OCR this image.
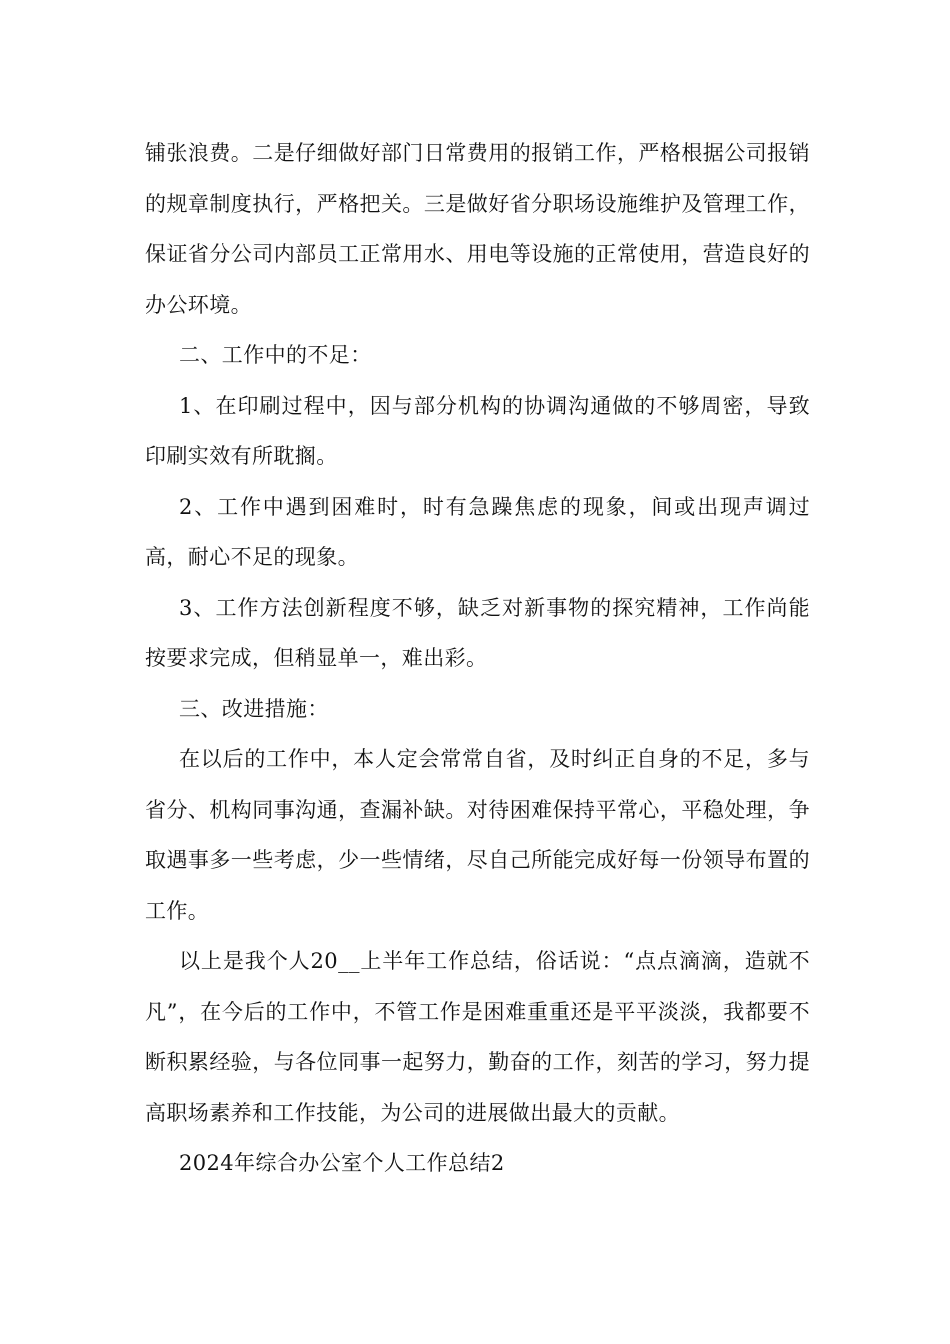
铺张浪费。二是仔细做好部门日常费用的报销工作，严格根据公司报销的规章制度执行，严格把关。三是做好省分职场设施维护及管理工作，保证省分公司内部员工正常用水、用电等设施的正常使用，营造良好的办公环境。

二、工作中的不足：

1、在印刷过程中，因与部分机构的协调沟通做的不够周密，导致印刷实效有所耽搁。

2、工作中遇到困难时，时有急躁焦虑的现象，间或出现声调过高，耐心不足的现象。

3、工作方法创新程度不够，缺乏对新事物的探究精神，工作尚能按要求完成，但稍显单一，难出彩。

三、改进措施：

在以后的工作中，本人定会常常自省，及时纠正自身的不足，多与省分、机构同事沟通，查漏补缺。对待困难保持平常心，平稳处理，争取遇事多一些考虑，少一些情绪，尽自己所能完成好每一份领导布置的工作。

以上是我个人20__上半年工作总结，俗话说：“点点滴滴，造就不凡”，在今后的工作中，不管工作是困难重重还是平平淡淡，我都要不断积累经验，与各位同事一起努力，勤奋的工作，刻苦的学习，努力提高职场素养和工作技能，为公司的进展做出最大的贡献。

2024年综合办公室个人工作总结2
